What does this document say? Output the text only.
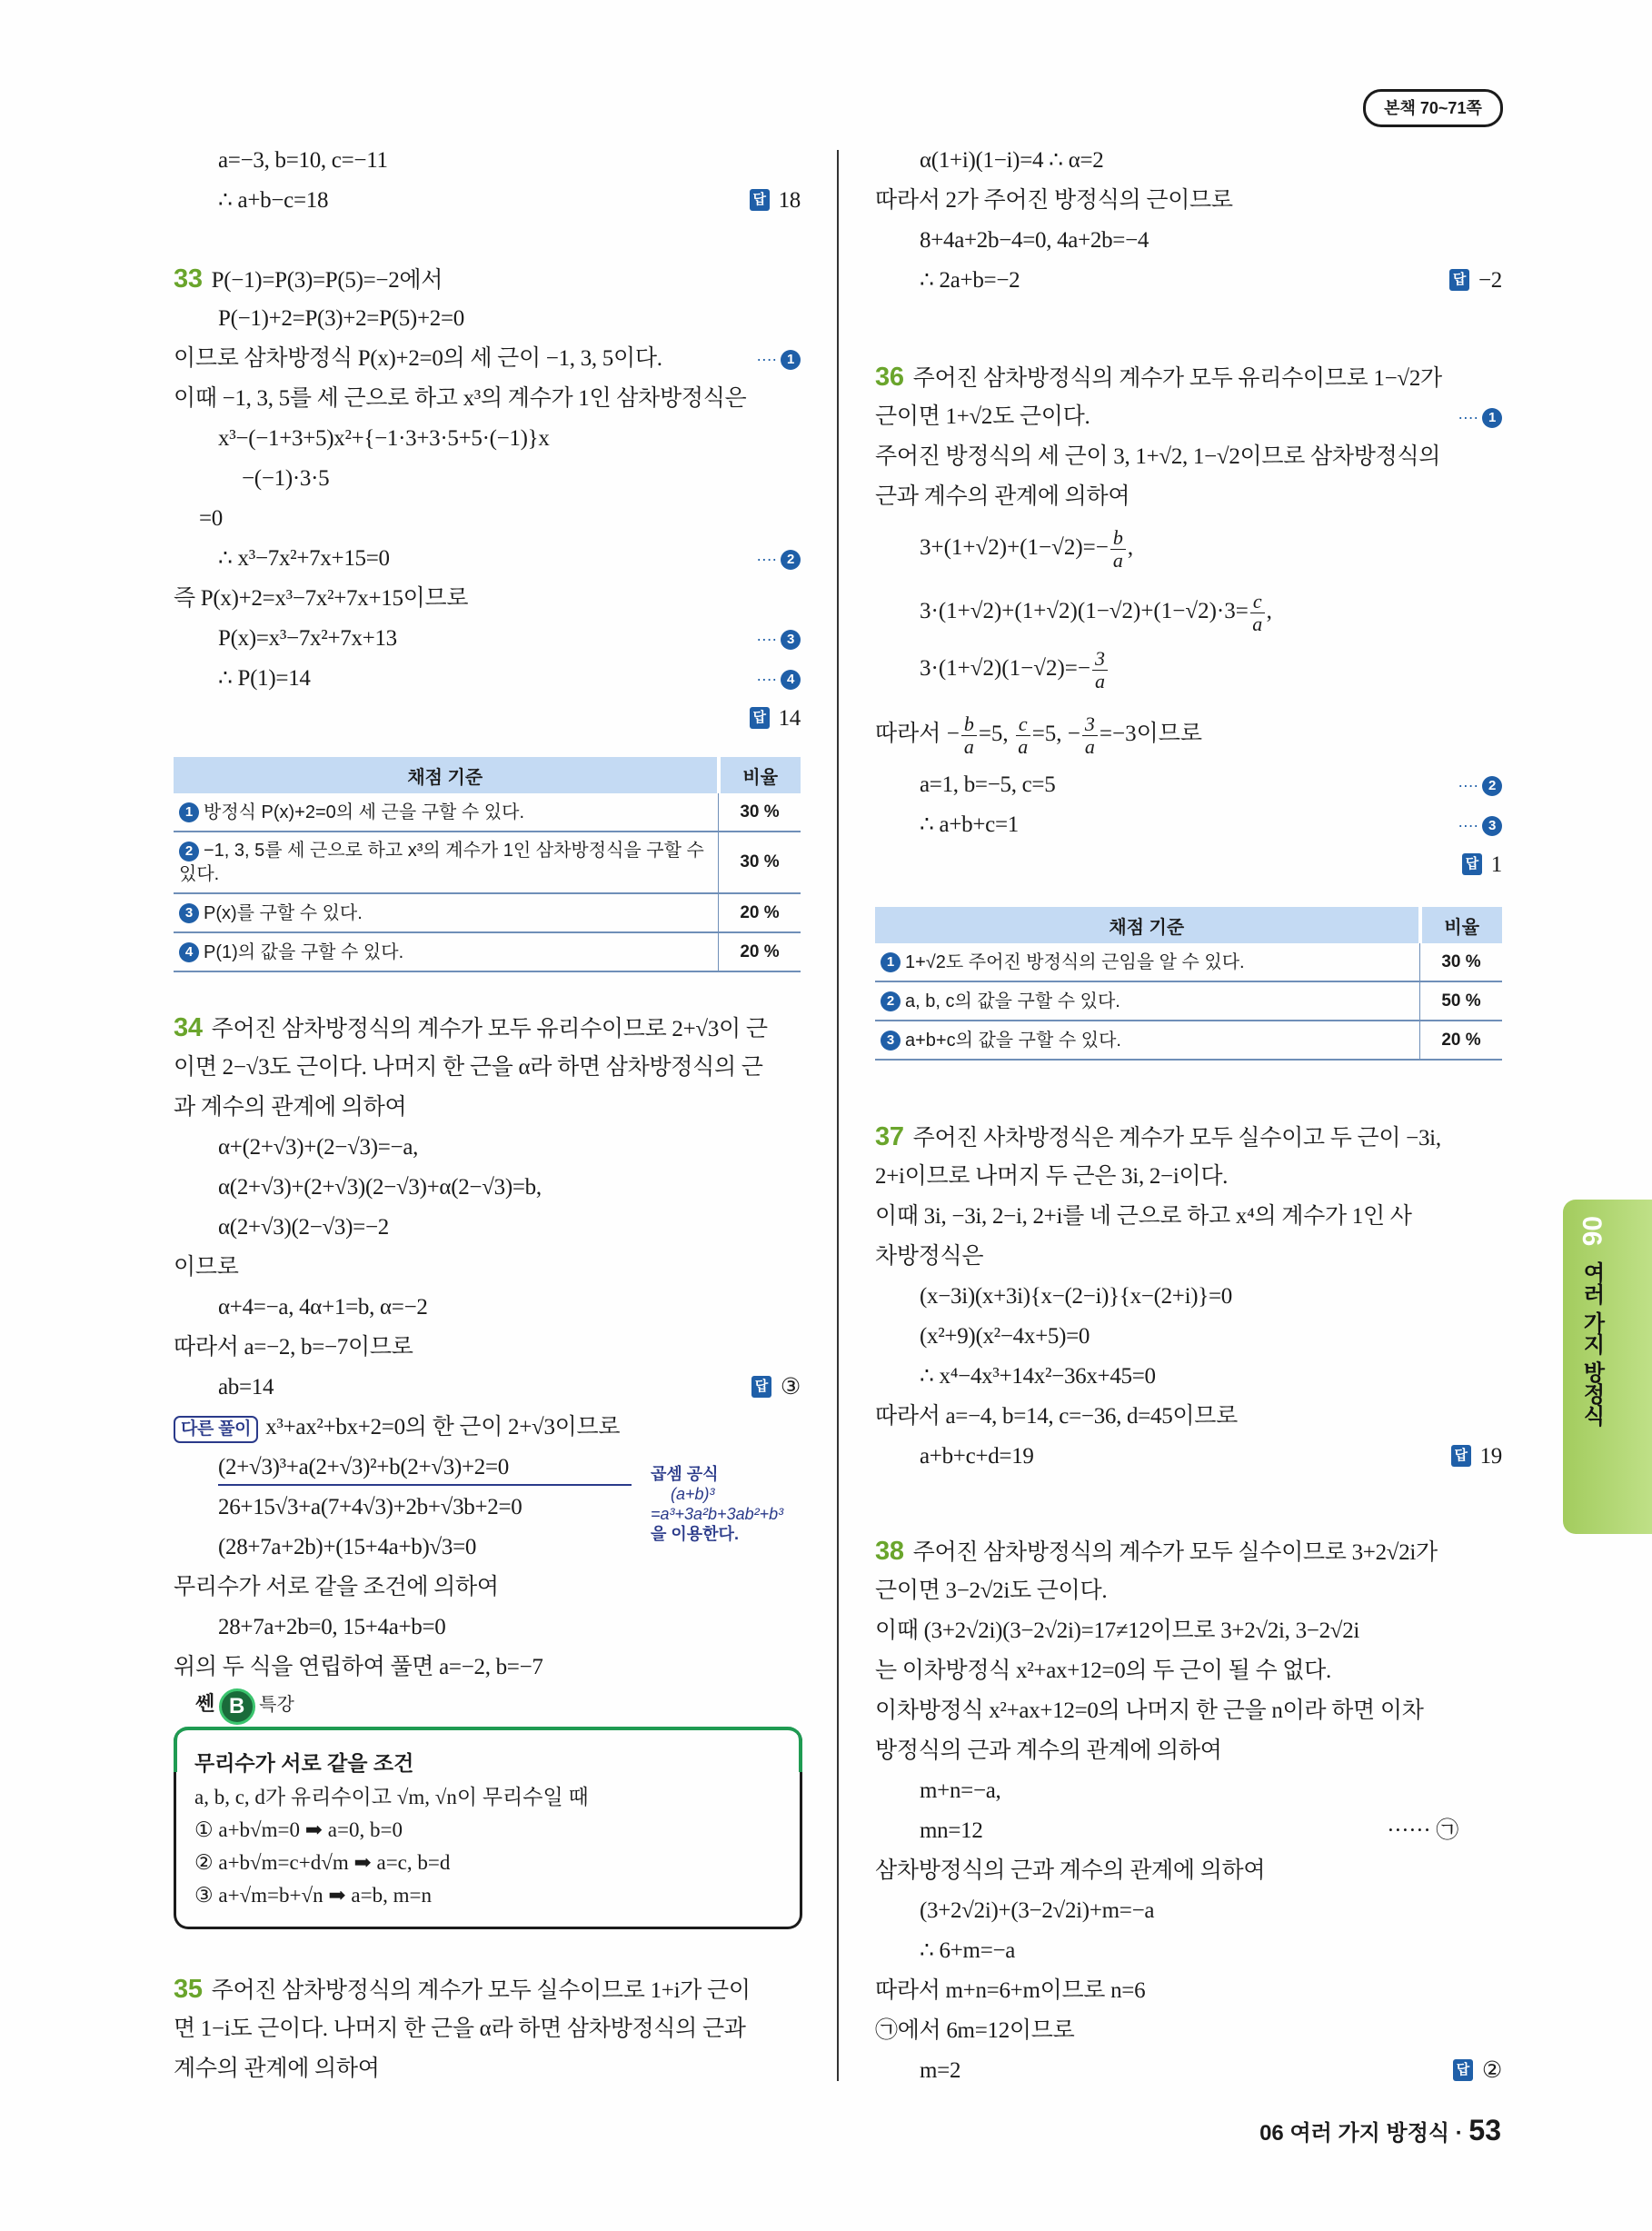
본책 70~71쪽
a=−3, b=10, c=−11
∴ a+b−c=18	답 18
33 P(−1)=P(3)=P(5)=−2에서
P(−1)+2=P(3)+2=P(5)+2=0
이므로 삼차방정식 P(x)+2=0의 세 근이 −1, 3, 5이다.	···· 1
이때 −1, 3, 5를 세 근으로 하고 x³의 계수가 1인 삼차방정식은
x³−(−1+3+5)x²+{−1·3+3·5+5·(−1)}x
−(−1)·3·5
=0
∴ x³−7x²+7x+15=0	···· 2
즉 P(x)+2=x³−7x²+7x+15이므로
P(x)=x³−7x²+7x+13	···· 3
∴ P(1)=14	···· 4
답 14
채점 기준	비율
1 방정식 P(x)+2=0의 세 근을 구할 수 있다.	30 %
2 −1, 3, 5를 세 근으로 하고 x³의 계수가 1인 삼차방정식을 구할 수 있다.	30 %
3 P(x)를 구할 수 있다.	20 %
4 P(1)의 값을 구할 수 있다.	20 %
34 주어진 삼차방정식의 계수가 모두 유리수이므로 2+√3이 근
이면 2−√3도 근이다. 나머지 한 근을 α라 하면 삼차방정식의 근
과 계수의 관계에 의하여
α+(2+√3)+(2−√3)=−a,
α(2+√3)+(2+√3)(2−√3)+α(2−√3)=b,
α(2+√3)(2−√3)=−2
이므로
α+4=−a, 4α+1=b, α=−2
따라서 a=−2, b=−7이므로
ab=14	답 ③
다른 풀이 x³+ax²+bx+2=0의 한 근이 2+√3이므로
(2+√3)³+a(2+√3)²+b(2+√3)+2=0
26+15√3+a(7+4√3)+2b+√3b+2=0
(28+7a+2b)+(15+4a+b)√3=0
무리수가 서로 같을 조건에 의하여
28+7a+2b=0, 15+4a+b=0
위의 두 식을 연립하여 풀면 a=−2, b=−7
곱셈 공식
(a+b)³
=a³+3a²b+3ab²+b³
을 이용한다.
쎈 B 특강
무리수가 서로 같을 조건
a, b, c, d가 유리수이고 √m, √n이 무리수일 때
① a+b√m=0 ➡ a=0, b=0
② a+b√m=c+d√m ➡ a=c, b=d
③ a+√m=b+√n ➡ a=b, m=n
35 주어진 삼차방정식의 계수가 모두 실수이므로 1+i가 근이
면 1−i도 근이다. 나머지 한 근을 α라 하면 삼차방정식의 근과
계수의 관계에 의하여
α(1+i)(1−i)=4 ∴ α=2
따라서 2가 주어진 방정식의 근이므로
8+4a+2b−4=0, 4a+2b=−4
∴ 2a+b=−2	답 −2
36 주어진 삼차방정식의 계수가 모두 유리수이므로 1−√2가
근이면 1+√2도 근이다.	···· 1
주어진 방정식의 세 근이 3, 1+√2, 1−√2이므로 삼차방정식의
근과 계수의 관계에 의하여
$3+(1+√2)+(1-√2)=- \frac{b}{a}$ ,
$3\cdot(1+√2)+(1+√2)(1-√2)+(1-√2)\cdot 3= \frac{c}{a}$ ,
$3\cdot(1+√2)(1-√2)=- \frac{3}{a}$
따라서 − $\frac{b}{a} =5$, $\frac{c}{a} =5$, − $\frac{3}{a} =-3$이므로
a=1, b=−5, c=5	···· 2
∴ a+b+c=1	···· 3
답 1
채점 기준	비율
1 1+√2도 주어진 방정식의 근임을 알 수 있다.	30 %
2 a, b, c의 값을 구할 수 있다.	50 %
3 a+b+c의 값을 구할 수 있다.	20 %
37 주어진 사차방정식은 계수가 모두 실수이고 두 근이 −3i,
2+i이므로 나머지 두 근은 3i, 2−i이다.
이때 3i, −3i, 2−i, 2+i를 네 근으로 하고 x⁴의 계수가 1인 사
차방정식은
(x−3i)(x+3i){x−(2−i)}{x−(2+i)}=0
(x²+9)(x²−4x+5)=0
∴ x⁴−4x³+14x²−36x+45=0
따라서 a=−4, b=14, c=−36, d=45이므로
a+b+c+d=19	답 19
38 주어진 삼차방정식의 계수가 모두 실수이므로 3+2√2i가
근이면 3−2√2i도 근이다.
이때 (3+2√2i)(3−2√2i)=17≠12이므로 3+2√2i, 3−2√2i
는 이차방정식 x²+ax+12=0의 두 근이 될 수 없다.
이차방정식 x²+ax+12=0의 나머지 한 근을 n이라 하면 이차
방정식의 근과 계수의 관계에 의하여
m+n=−a,
mn=12	······ ㉠
삼차방정식의 근과 계수의 관계에 의하여
(3+2√2i)+(3−2√2i)+m=−a
∴ 6+m=−a
따라서 m+n=6+m이므로 n=6
㉠에서 6m=12이므로
m=2	답 ②
06 여러 가지 방정식
06 여러 가지 방정식 · 53
